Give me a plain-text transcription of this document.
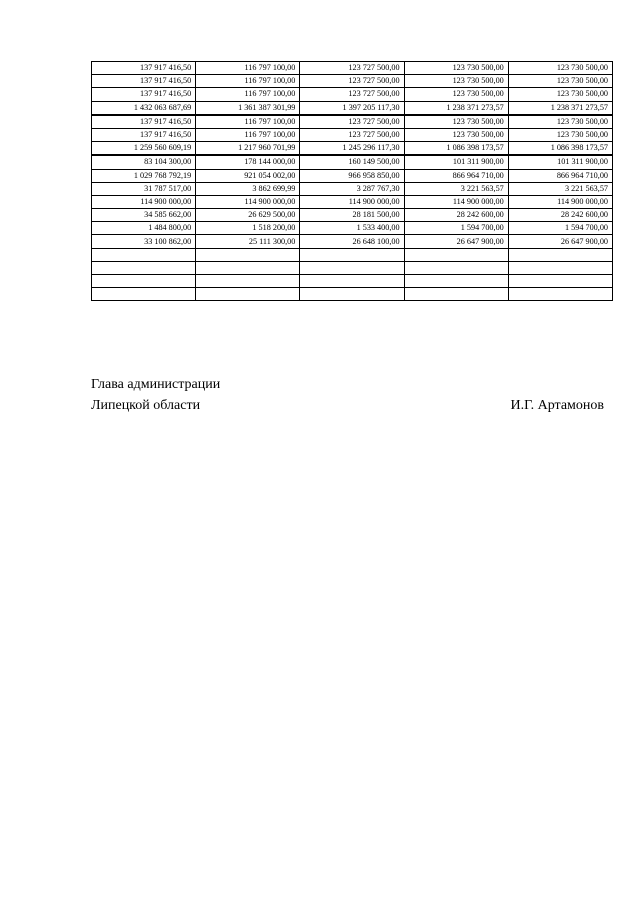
137 917 416,50	116 797 100,00	123 727 500,00	123 730 500,00	123 730 500,00
137 917 416,50	116 797 100,00	123 727 500,00	123 730 500,00	123 730 500,00
137 917 416,50	116 797 100,00	123 727 500,00	123 730 500,00	123 730 500,00
1 432 063 687,69	1 361 387 301,99	1 397 205 117,30	1 238 371 273,57	1 238 371 273,57
137 917 416,50	116 797 100,00	123 727 500,00	123 730 500,00	123 730 500,00
137 917 416,50	116 797 100,00	123 727 500,00	123 730 500,00	123 730 500,00
1 259 560 609,19	1 217 960 701,99	1 245 296 117,30	1 086 398 173,57	1 086 398 173,57
83 104 300,00	178 144 000,00	160 149 500,00	101 311 900,00	101 311 900,00
1 029 768 792,19	921 054 002,00	966 958 850,00	866 964 710,00	866 964 710,00
31 787 517,00	3 862 699,99	3 287 767,30	3 221 563,57	3 221 563,57
114 900 000,00	114 900 000,00	114 900 000,00	114 900 000,00	114 900 000,00
34 585 662,00	26 629 500,00	28 181 500,00	28 242 600,00	28 242 600,00
1 484 800,00	1 518 200,00	1 533 400,00	1 594 700,00	1 594 700,00
33 100 862,00	25 111 300,00	26 648 100,00	26 647 900,00	26 647 900,00

Глава администрации
Липецкой области	И.Г. Артамонов
